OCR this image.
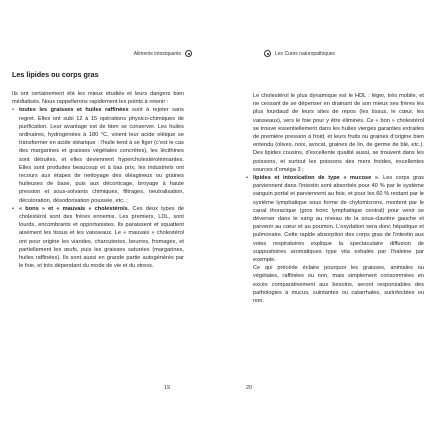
Aliments intoxiquants
Les lipides ou corps gras

Ils ont certainement été les mieux étudiés et leurs dangers bien médiatisés. Nous rappellerons rapidement les points à retenir :

• toutes les graisses et huiles raffinées sont à rejeter sans regret. Elles ont subi 12 à 15 opérations physico-chimiques de purification. Leur avantage est de bien se conserver. Les huiles ordinaires, hydrogénées à 180 °C, voient leur acide oléique se transformer en acide stéarique : l’huile tend à se figer (c’est le cas des margarines et graisses végétales concrètes), les lécithines sont détruites, et elles deviennent hypercholestérolémiantes. Elles sont produites beaucoup et à bas prix, les industriels ont recours aux étapes de nettoyage des oléagineux ou graines huileuses de base, puis aux décorticage, broyage à haute pression et sous-solvants chimiques, filtrages, neutralisation, décoloration, désodorisation poussée, etc. ;

• « bons » et « mauvais » cholestérols. Ces deux types de cholestérol sont des frères ennemis. Les premiers, LDL, sont lourds, encombrants et opportunistes. Ils paraissent et squattent aisément les tissus et les vaisseaux. Le « mauvais » cholestérol ont pour origine les viandes, charcuteries, beurres, fromages, et partiellement les œufs, puis les graisses saturées (margarines, huiles raffinées). Ils sont aussi en grande partie autogénérés par le foie, et très dépendant du mode de vie et du stress.

19
Les Cures naturopathiques

Le cholestérol le plus dynamique est le HDL : léger, très mobile, et ne cessant de se dépenser en drainant de son mieux ses frères les plus lourdaud de leurs sites de repos (les tissus, le cœur, les vaisseaux), vers le foie pour y être éliminés. Ce « bon » cholestérol se trouve essentiellement dans les huiles vierges garanties extraites de première pression à froid, et leurs fruits ou graines d’origine bien entendu (olives, noix, avocat, graines de lin, de germe de blé, etc.). Des lipides cousins, d’excellente qualité aussi, se trouvent dans les poissons, et surtout les poissons des mers froides, excellentes sources d’oméga 3 ;

• lipides et intoxication de type « mucose ». Les corps gras parviennent dans l’intestin sont absorbés pour 40 % par le système sanguin portal et parviennent au foie, et pour les 60 % restant par le système lymphatique sous forme de chylomicrons, montent par le canal thoracique (gros tronc lymphatique central) pour venir se déverser dans le sang au niveau de la sous-clavière gauche et parvenir au cœur et au poumon. L’oxydation sera donc hépatique et pulmonaire. Cette rapide absorption des corps gras de l’intestin aux voies respiratoires explique la spectaculaire diffusion de suppositoires aromatiques type vita exhalés par l’haleine par exemple.

Ce qui précède éclaire pourquoi les graisses, animales ou végétales, raffinées ou non, mais simplement consommées en excès comparativement aux besoins, seront responsables des pathologies à mucus, suintantes ou catarrhales, surinfectées ou non.

20
